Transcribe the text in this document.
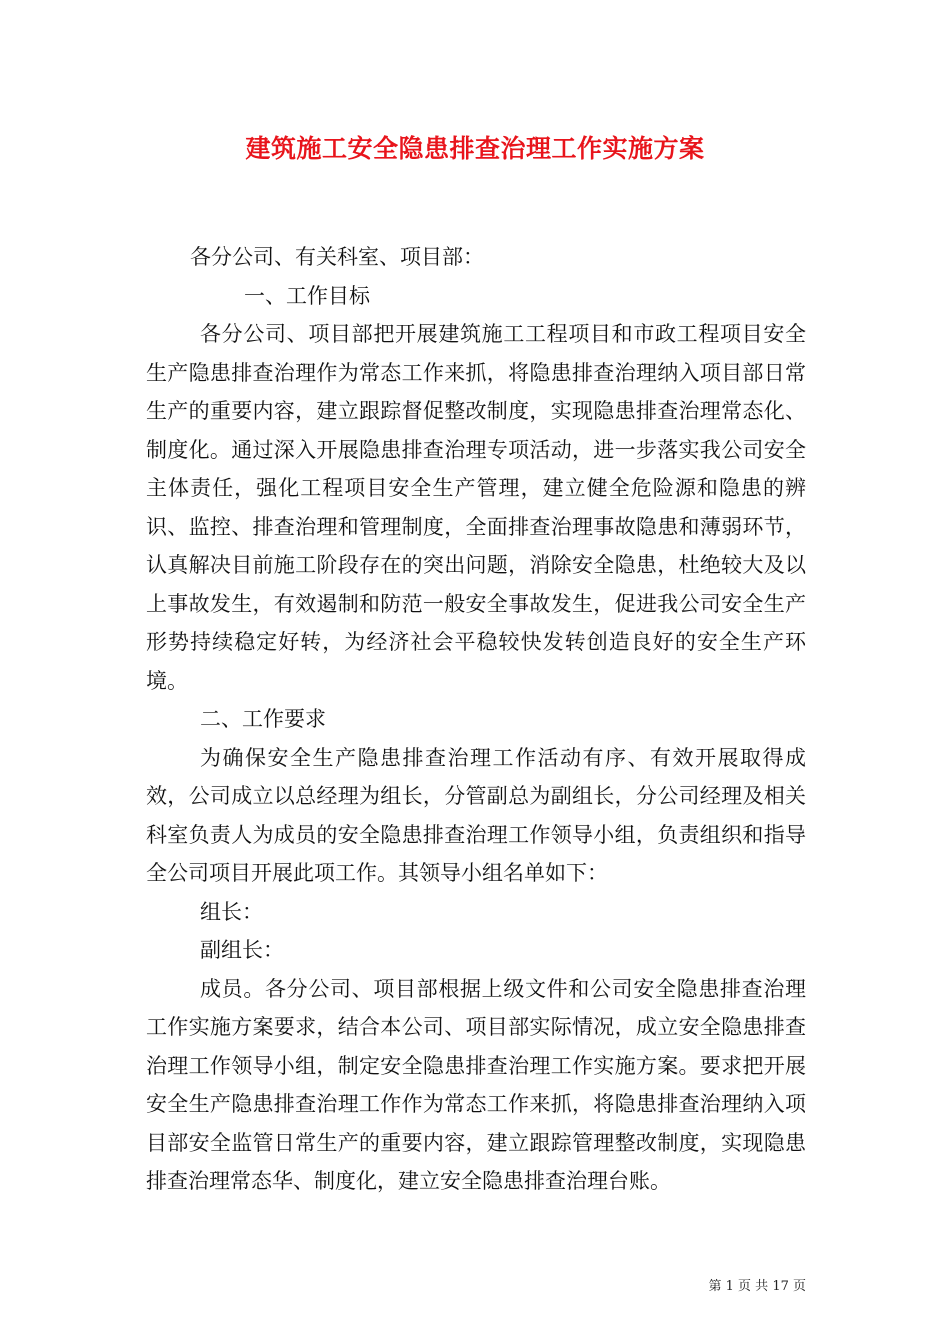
建筑施工安全隐患排查治理工作实施方案

各分公司、有关科室、项目部：

一、工作目标

各分公司、项目部把开展建筑施工工程项目和市政工程项目安全生产隐患排查治理作为常态工作来抓，将隐患排查治理纳入项目部日常生产的重要内容，建立跟踪督促整改制度，实现隐患排查治理常态化、制度化。通过深入开展隐患排查治理专项活动，进一步落实我公司安全主体责任，强化工程项目安全生产管理，建立健全危险源和隐患的辨识、监控、排查治理和管理制度，全面排查治理事故隐患和薄弱环节，认真解决目前施工阶段存在的突出问题，消除安全隐患，杜绝较大及以上事故发生，有效遏制和防范一般安全事故发生，促进我公司安全生产形势持续稳定好转，为经济社会平稳较快发转创造良好的安全生产环境。

二、工作要求

为确保安全生产隐患排查治理工作活动有序、有效开展取得成效，公司成立以总经理为组长，分管副总为副组长，分公司经理及相关科室负责人为成员的安全隐患排查治理工作领导小组，负责组织和指导全公司项目开展此项工作。其领导小组名单如下：

组长：

副组长：

成员。各分公司、项目部根据上级文件和公司安全隐患排查治理工作实施方案要求，结合本公司、项目部实际情况，成立安全隐患排查治理工作领导小组，制定安全隐患排查治理工作实施方案。要求把开展安全生产隐患排查治理工作作为常态工作来抓，将隐患排查治理纳入项目部安全监管日常生产的重要内容，建立跟踪管理整改制度，实现隐患排查治理常态华、制度化，建立安全隐患排查治理台账。

第 1 页 共 17 页
